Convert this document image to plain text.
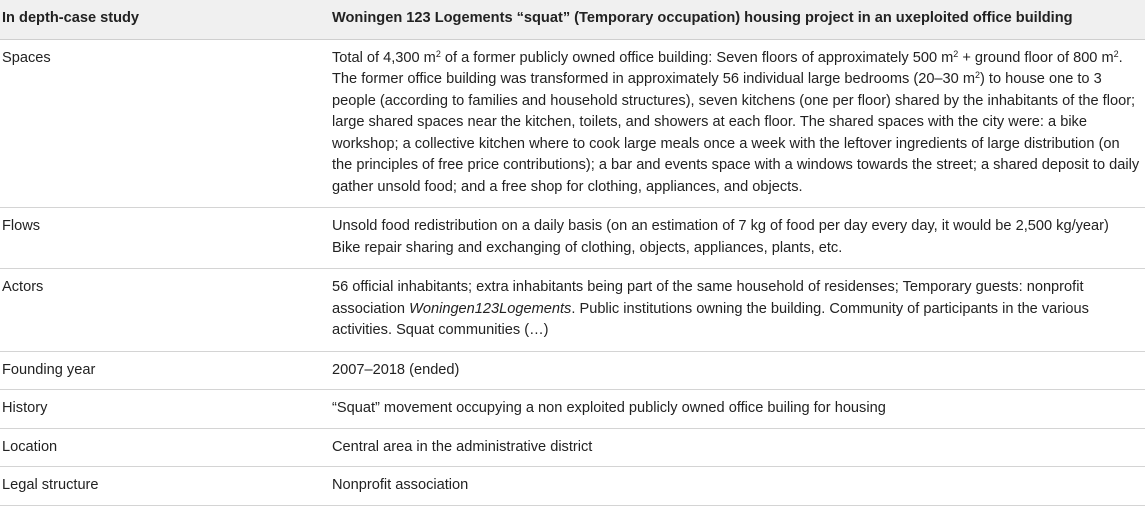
In depth-case study	Woningen 123 Logements “squat” (Temporary occupation) housing project in an uxeploited office building
Spaces	Total of 4,300 $m^2$ of a former publicly owned office building: Seven floors of approximately 500 $m^2$ + ground floor of 800 $m^2$. The former office building was transformed in approximately 56 individual large bedrooms (20–30 $m^2$) to house one to 3 people (according to families and household structures), seven kitchens (one per floor) shared by the inhabitants of the floor; large shared spaces near the kitchen, toilets, and showers at each floor. The shared spaces with the city were: a bike workshop; a collective kitchen where to cook large meals once a week with the leftover ingredients of large distribution (on the principles of free price contributions); a bar and events space with a windows towards the street; a shared deposit to daily gather unsold food; and a free shop for clothing, appliances, and objects.
Flows	Unsold food redistribution on a daily basis (on an estimation of 7 kg of food per day every day, it would be 2,500 kg/year)
Bike repair sharing and exchanging of clothing, objects, appliances, plants, etc.
Actors	56 official inhabitants; extra inhabitants being part of the same household of residenses; Temporary guests: nonprofit association Woningen123Logements. Public institutions owning the building. Community of participants in the various activities. Squat communities (…)
Founding year	2007–2018 (ended)
History	“Squat” movement occupying a non exploited publicly owned office builing for housing
Location	Central area in the administrative district
Legal structure	Nonprofit association
